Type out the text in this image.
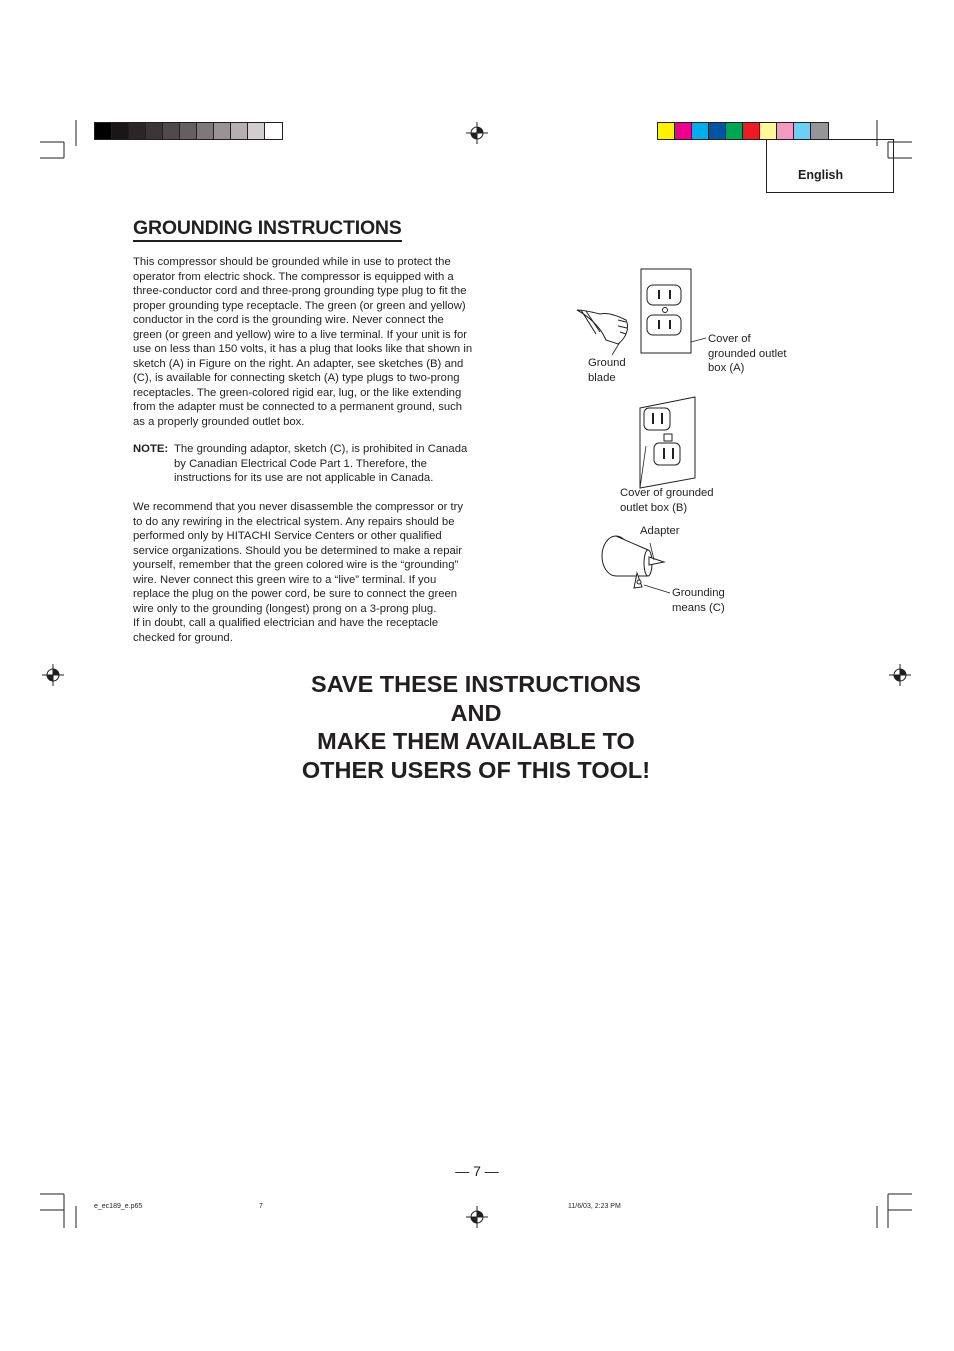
English
GROUNDING INSTRUCTIONS
This compressor should be grounded while in use to protect the
operator from electric shock. The compressor is equipped with a
three-conductor cord and three-prong grounding type plug to fit the
proper grounding type receptacle. The green (or green and yellow)
conductor in the cord is the grounding wire. Never connect the
green (or green and yellow) wire to a live terminal. If your unit is for
use on less than 150 volts, it has a plug that looks like that shown in
sketch (A) in Figure on the right. An adapter, see sketches (B) and
(C), is available for connecting sketch (A) type plugs to two-prong
receptacles. The green-colored rigid ear, lug, or the like extending
from the adapter must be connected to a permanent ground, such
as a properly grounded outlet box.
NOTE: The grounding adaptor, sketch (C), is prohibited in Canada
by Canadian Electrical Code Part 1. Therefore, the
instructions for its use are not applicable in Canada.
We recommend that you never disassemble the compressor or try
to do any rewiring in the electrical system. Any repairs should be
performed only by HITACHI Service Centers or other qualified
service organizations. Should you be determined to make a repair
yourself, remember that the green colored wire is the “grounding”
wire. Never connect this green wire to a “live” terminal. If you
replace the plug on the power cord, be sure to connect the green
wire only to the grounding (longest) prong on a 3-prong plug.
If in doubt, call a qualified electrician and have the receptacle
checked for ground.
Ground
blade
Cover of
grounded outlet
box (A)
Cover of grounded
outlet box (B)
Adapter
Grounding
means (C)
SAVE THESE INSTRUCTIONS
AND
MAKE THEM AVAILABLE TO
OTHER USERS OF THIS TOOL!
— 7 —
e_ec189_e.p65	7	11/6/03, 2:23 PM
